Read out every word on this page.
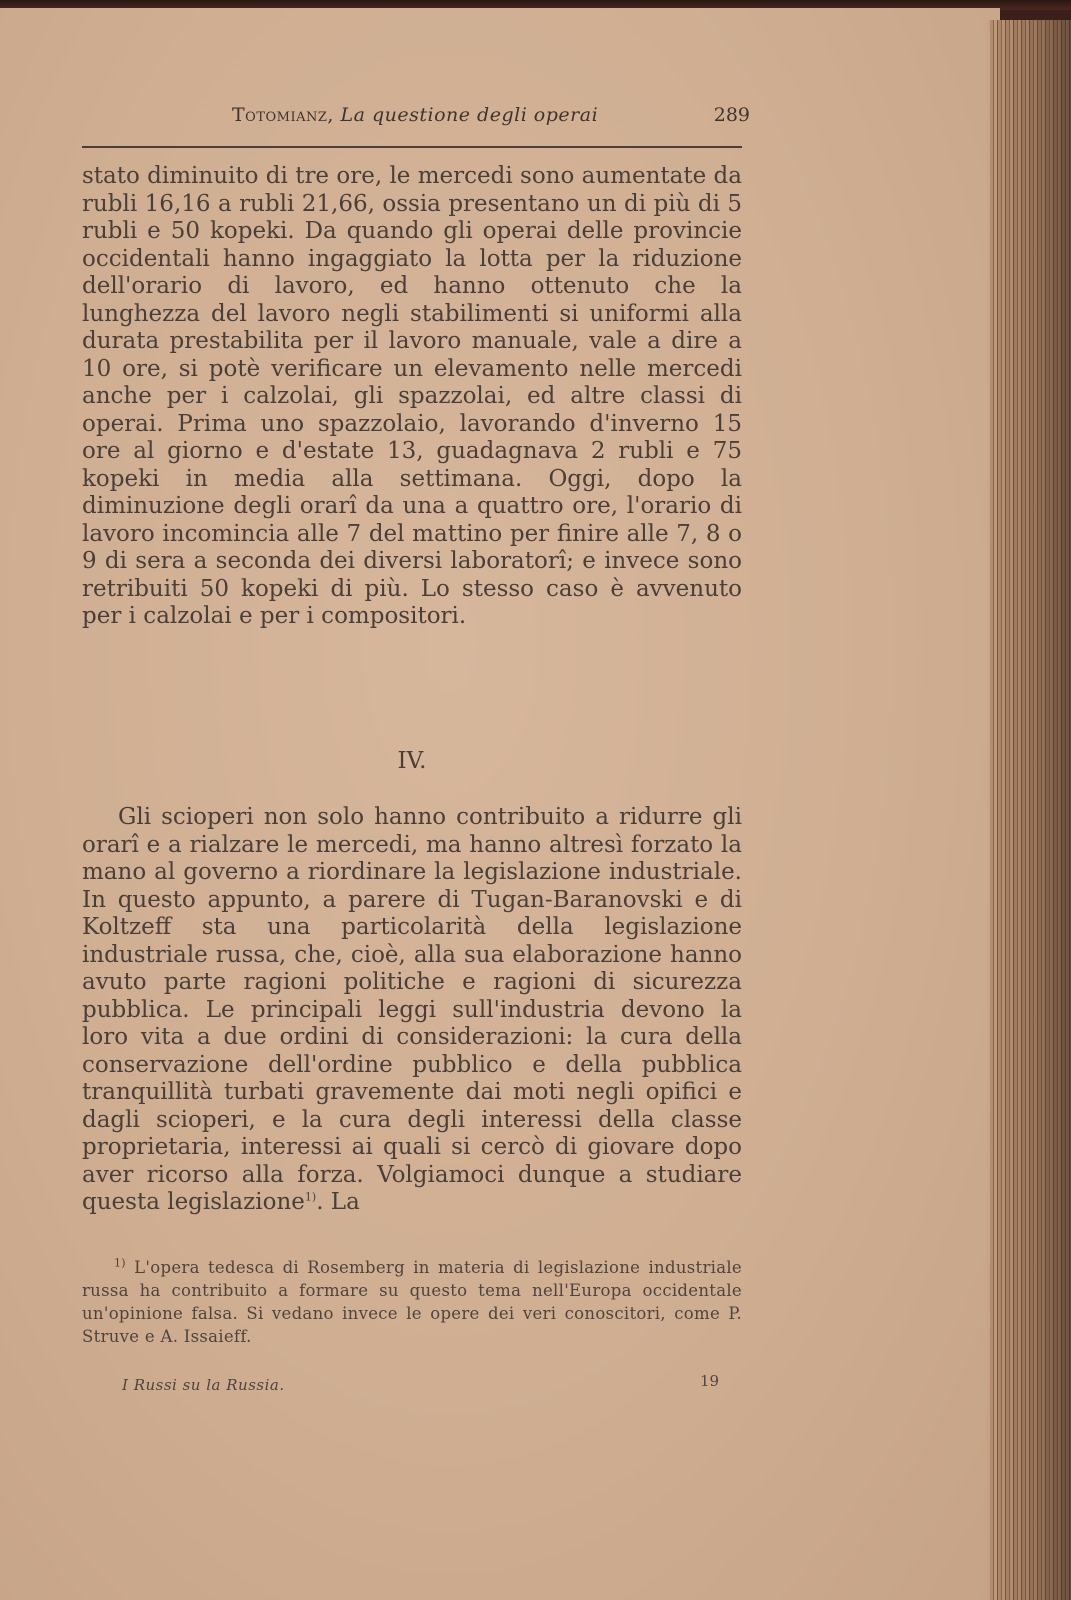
Totomianz, La questione degli operai	289

stato diminuito di tre ore, le mercedi sono aumentate da rubli 16,16 a rubli 21,66, ossia presentano un di più di 5 rubli e 50 kopeki. Da quando gli operai delle provincie occidentali hanno ingaggiato la lotta per la riduzione dell'orario di lavoro, ed hanno ottenuto che la lunghezza del lavoro negli stabilimenti si uniformi alla durata prestabilita per il lavoro manuale, vale a dire a 10 ore, si potè verificare un elevamento nelle mercedi anche per i calzolai, gli spazzolai, ed altre classi di operai. Prima uno spazzolaio, lavorando d'inverno 15 ore al giorno e d'estate 13, guadagnava 2 rubli e 75 kopeki in media alla settimana. Oggi, dopo la diminuzione degli orarî da una a quattro ore, l'orario di lavoro incomincia alle 7 del mattino per finire alle 7, 8 o 9 di sera a seconda dei diversi laboratorî; e invece sono retribuiti 50 kopeki di più. Lo stesso caso è avvenuto per i calzolai e per i compositori.

IV.

Gli scioperi non solo hanno contribuito a ridurre gli orarî e a rialzare le mercedi, ma hanno altresì forzato la mano al governo a riordinare la legislazione industriale. In questo appunto, a parere di Tugan-Baranovski e di Koltzeff sta una particolarità della legislazione industriale russa, che, cioè, alla sua elaborazione hanno avuto parte ragioni politiche e ragioni di sicurezza pubblica. Le principali leggi sull'industria devono la loro vita a due ordini di considerazioni: la cura della conservazione dell'ordine pubblico e della pubblica tranquillità turbati gravemente dai moti negli opifici e dagli scioperi, e la cura degli interessi della classe proprietaria, interessi ai quali si cercò di giovare dopo aver ricorso alla forza. Volgiamoci dunque a studiare questa legislazione$^{1)}$. La

$^{1)}$ L'opera tedesca di Rosemberg in materia di legislazione industriale russa ha contribuito a formare su questo tema nell'Europa occidentale un'opinione falsa. Si vedano invece le opere dei veri conoscitori, come P. Struve e A. Issaieff.

I Russi su la Russia.	19
